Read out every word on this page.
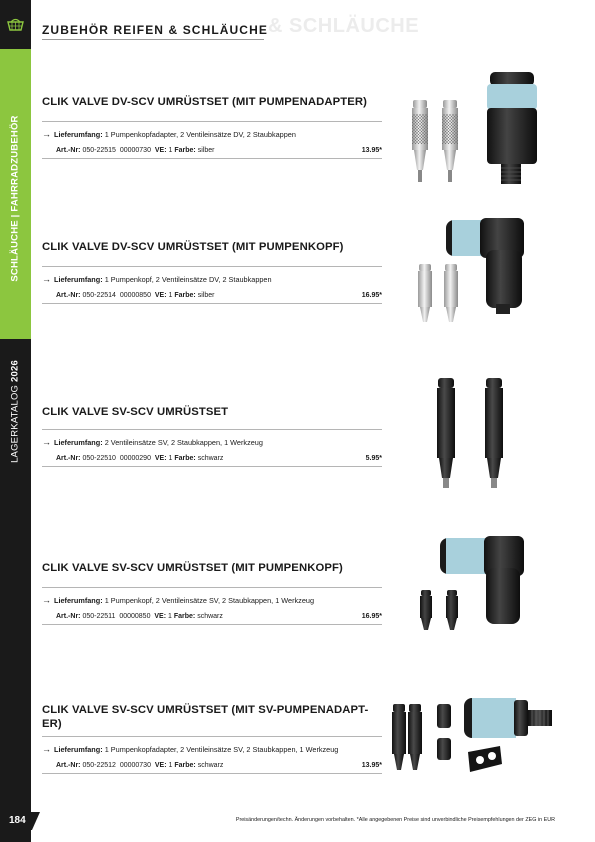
SCHLÄUCHE | FAHRRADZUBEHÖR
LAGERKATALOG 2026
& SCHLÄUCHE
ZUBEHÖR REIFEN & SCHLÄUCHE
CLIK VALVE DV-SCV UMRÜSTSET (MIT PUMPENADAPTER)
→ Lieferumfang: 1 Pumpenkopfadapter, 2 Ventileinsätze DV, 2 Staubkappen
Art.-Nr: 050-22515 00000730 VE: 1 Farbe: silber	13.95*
CLIK VALVE DV-SCV UMRÜSTSET (MIT PUMPENKOPF)
→ Lieferumfang: 1 Pumpenkopf, 2 Ventileinsätze DV, 2 Staubkappen
Art.-Nr: 050-22514 00000850 VE: 1 Farbe: silber	16.95*
CLIK VALVE SV-SCV UMRÜSTSET
→ Lieferumfang: 2 Ventileinsätze SV, 2 Staubkappen, 1 Werkzeug
Art.-Nr: 050-22510 00000290 VE: 1 Farbe: schwarz	5.95*
CLIK VALVE SV-SCV UMRÜSTSET (MIT PUMPENKOPF)
→ Lieferumfang: 1 Pumpenkopf, 2 Ventileinsätze SV, 2 Staubkappen, 1 Werkzeug
Art.-Nr: 050-22511 00000850 VE: 1 Farbe: schwarz	16.95*
CLIK VALVE SV-SCV UMRÜSTSET (MIT SV-PUMPENADAPT-
ER)
→ Lieferumfang: 1 Pumpenkopfadapter, 2 Ventileinsätze SV, 2 Staubkappen, 1 Werkzeug
Art.-Nr: 050-22512 00000730 VE: 1 Farbe: schwarz	13.95*
184	Preisänderungen/techn. Änderungen vorbehalten. *Alle angegebenen Preise sind unverbindliche Preisempfehlungen der ZEG in EUR
